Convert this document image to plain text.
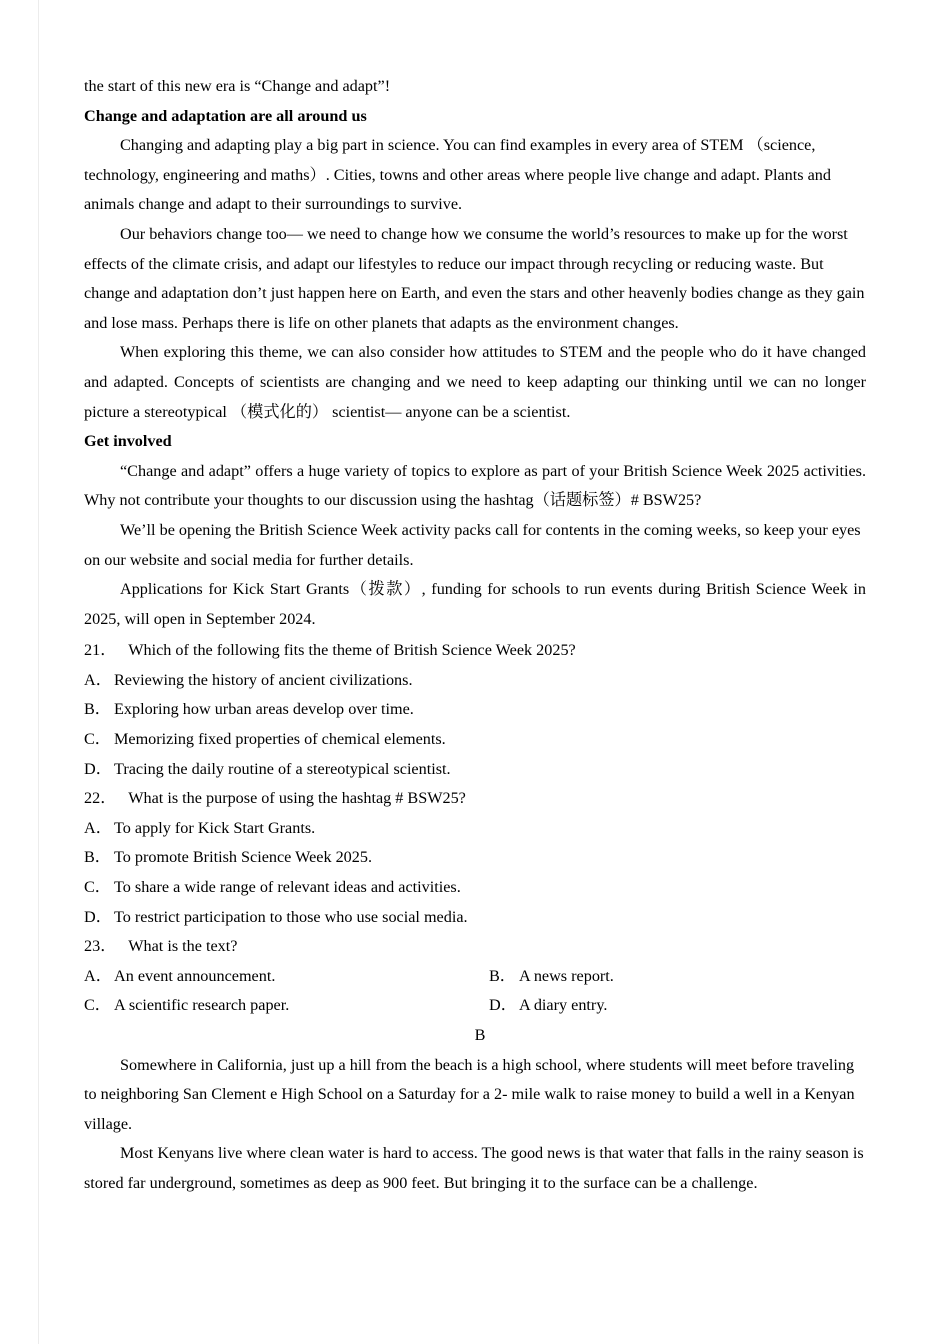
the start of this new era is “Change and adapt”!

Change and adaptation are all around us

Changing and adapting play a big part in science. You can find examples in every area of STEM （science, technology, engineering and maths）. Cities, towns and other areas where people live change and adapt. Plants and animals change and adapt to their surroundings to survive.

Our behaviors change too— we need to change how we consume the world’s resources to make up for the worst effects of the climate crisis, and adapt our lifestyles to reduce our impact through recycling or reducing waste. But change and adaptation don’t just happen here on Earth, and even the stars and other heavenly bodies change as they gain and lose mass. Perhaps there is life on other planets that adapts as the environment changes.

When exploring this theme, we can also consider how attitudes to STEM and the people who do it have changed and adapted. Concepts of scientists are changing and we need to keep adapting our thinking until we can no longer picture a stereotypical （模式化的） scientist— anyone can be a scientist.

Get involved

“Change and adapt” offers a huge variety of topics to explore as part of your British Science Week 2025 activities. Why not contribute your thoughts to our discussion using the hashtag（话题标签）# BSW25?

We’ll be opening the British Science Week activity packs call for contents in the coming weeks, so keep your eyes on our website and social media for further details.

Applications for Kick Start Grants（拨款）, funding for schools to run events during British Science Week in 2025, will open in September 2024.

21． Which of the following fits the theme of British Science Week 2025?

A． Reviewing the history of ancient civilizations.

B． Exploring how urban areas develop over time.

C． Memorizing fixed properties of chemical elements.

D． Tracing the daily routine of a stereotypical scientist.

22． What is the purpose of using the hashtag # BSW25?

A． To apply for Kick Start Grants.

B． To promote British Science Week 2025.

C． To share a wide range of relevant ideas and activities.

D． To restrict participation to those who use social media.

23． What is the text?

A． An event announcement.	B． A news report.
C． A scientific research paper.	D． A diary entry.

B

Somewhere in California, just up a hill from the beach is a high school, where students will meet before traveling to neighboring San Clement e High School on a Saturday for a 2- mile walk to raise money to build a well in a Kenyan village.

Most Kenyans live where clean water is hard to access. The good news is that water that falls in the rainy season is stored far underground, sometimes as deep as 900 feet. But bringing it to the surface can be a challenge.
